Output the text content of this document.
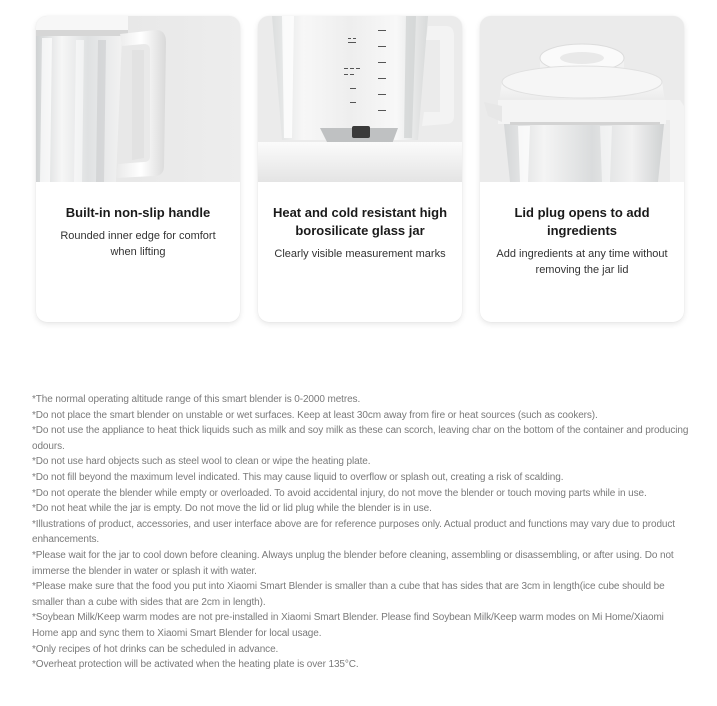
Built-in non-slip handle
Rounded inner edge for comfort when lifting
Heat and cold resistant high borosilicate glass jar
Clearly visible measurement marks
Lid plug opens to add ingredients
Add ingredients at any time without removing the jar lid

*The normal operating altitude range of this smart blender is 0-2000 metres.

*Do not place the smart blender on unstable or wet surfaces. Keep at least 30cm away from fire or heat sources (such as cookers).

*Do not use the appliance to heat thick liquids such as milk and soy milk as these can scorch, leaving char on the bottom of the container and producing odours.

*Do not use hard objects such as steel wool to clean or wipe the heating plate.

*Do not fill beyond the maximum level indicated. This may cause liquid to overflow or splash out, creating a risk of scalding.

*Do not operate the blender while empty or overloaded. To avoid accidental injury, do not move the blender or touch moving parts while in use.

*Do not heat while the jar is empty. Do not move the lid or lid plug while the blender is in use.

*Illustrations of product, accessories, and user interface above are for reference purposes only. Actual product and functions may vary due to product enhancements.

*Please wait for the jar to cool down before cleaning. Always unplug the blender before cleaning, assembling or disassembling, or after using. Do not immerse the blender in water or splash it with water.

*Please make sure that the food you put into Xiaomi Smart Blender is smaller than a cube that has sides that are 3cm in length(ice cube should be smaller than a cube with sides that are 2cm in length).

*Soybean Milk/Keep warm modes are not pre-installed in Xiaomi Smart Blender. Please find Soybean Milk/Keep warm modes on Mi Home/Xiaomi Home app and sync them to Xiaomi Smart Blender for local usage.

*Only recipes of hot drinks can be scheduled in advance.

*Overheat protection will be activated when the heating plate is over 135°C.
